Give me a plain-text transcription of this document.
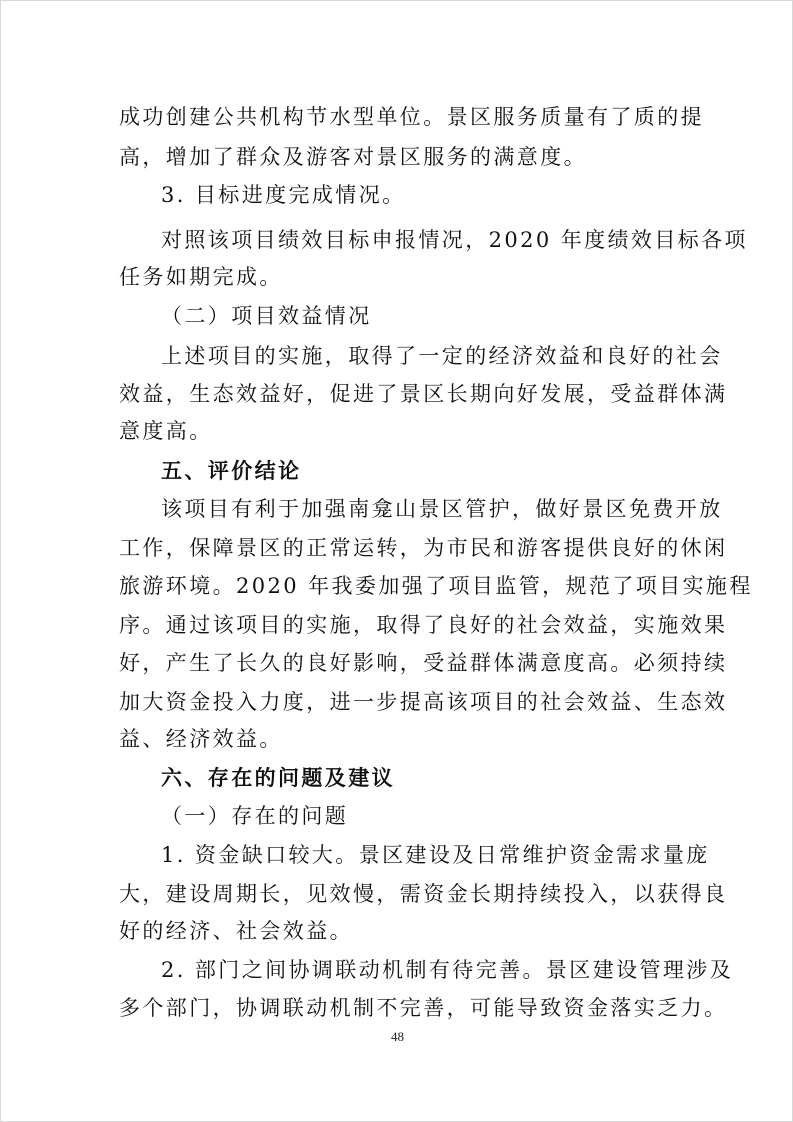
成功创建公共机构节水型单位。景区服务质量有了质的提
高，增加了群众及游客对景区服务的满意度。
3. 目标进度完成情况。
对照该项目绩效目标申报情况，2020 年度绩效目标各项
任务如期完成。
（二）项目效益情况
上述项目的实施，取得了一定的经济效益和良好的社会
效益，生态效益好，促进了景区长期向好发展，受益群体满
意度高。
五、评价结论
该项目有利于加强南龛山景区管护，做好景区免费开放
工作，保障景区的正常运转，为市民和游客提供良好的休闲
旅游环境。2020 年我委加强了项目监管，规范了项目实施程
序。通过该项目的实施，取得了良好的社会效益，实施效果
好，产生了长久的良好影响，受益群体满意度高。必须持续
加大资金投入力度，进一步提高该项目的社会效益、生态效
益、经济效益。
六、存在的问题及建议
（一）存在的问题
1. 资金缺口较大。景区建设及日常维护资金需求量庞
大，建设周期长，见效慢，需资金长期持续投入，以获得良
好的经济、社会效益。
2. 部门之间协调联动机制有待完善。景区建设管理涉及
多个部门，协调联动机制不完善，可能导致资金落实乏力。
48
